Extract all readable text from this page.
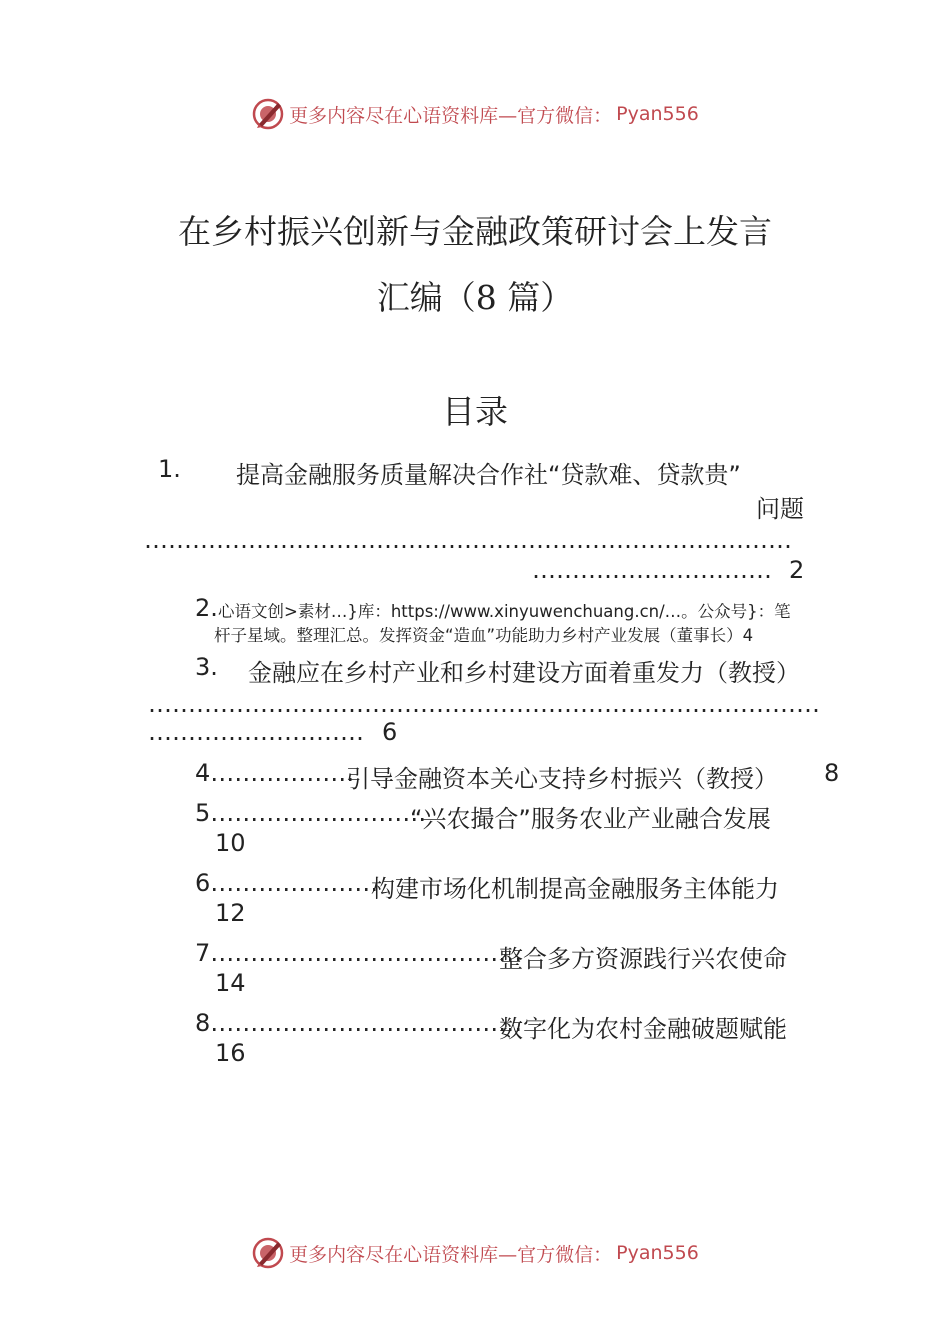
更多内容尽在心语资料库—官方微信： Pyan556
在乡村振兴创新与金融政策研讨会上发言
汇编（8 篇）
目录
1. 提高金融服务质量解决合作社“贷款难、贷款贵”
问题
………………………………………………………………………
………………………… 2
2. 心语文创>素材…}库：https://www.xinyuwenchuang.cn/…。公众号}：笔
杆子星域。整理汇总。发挥资金“造血”功能助力乡村产业发展（董事长）4
3. 金融应在乡村产业和乡村建设方面着重发力（教授）
…………………………………………………………………………
……………………… 6
4………………
引导金融资本关心支持乡村振兴（教授） 8
5………………………
“兴农撮合”服务农业产业融合发展
10
6…………………
构建市场化机制提高金融服务主体能力
12
7…………………………………
整合多方资源践行兴农使命
14
8…………………………………
数字化为农村金融破题赋能
16
更多内容尽在心语资料库—官方微信： Pyan556
